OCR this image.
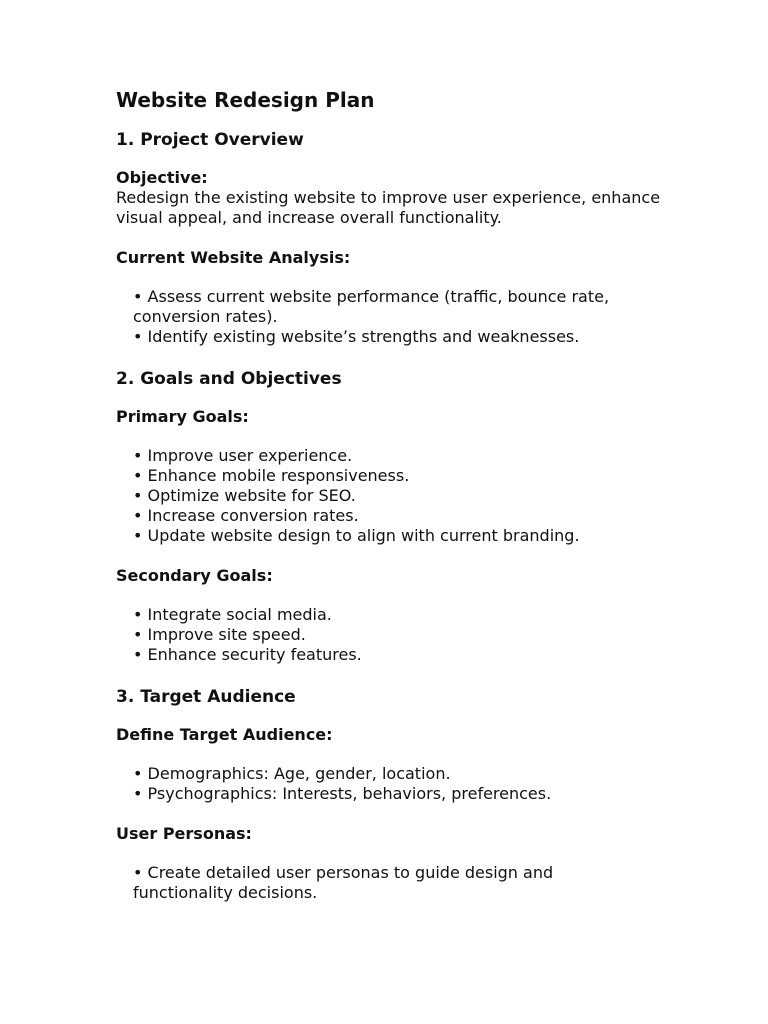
Website Redesign Plan
1. Project Overview

Objective:

Redesign the existing website to improve user experience, enhance visual appeal, and increase overall functionality.

Current Website Analysis:

• Assess current website performance (traffic, bounce rate, conversion rates).
• Identify existing website’s strengths and weaknesses.
2. Goals and Objectives

Primary Goals:

• Improve user experience.
• Enhance mobile responsiveness.
• Optimize website for SEO.
• Increase conversion rates.
• Update website design to align with current branding.

Secondary Goals:

• Integrate social media.
• Improve site speed.
• Enhance security features.
3. Target Audience

Define Target Audience:

• Demographics: Age, gender, location.
• Psychographics: Interests, behaviors, preferences.

User Personas:

• Create detailed user personas to guide design and functionality decisions.
